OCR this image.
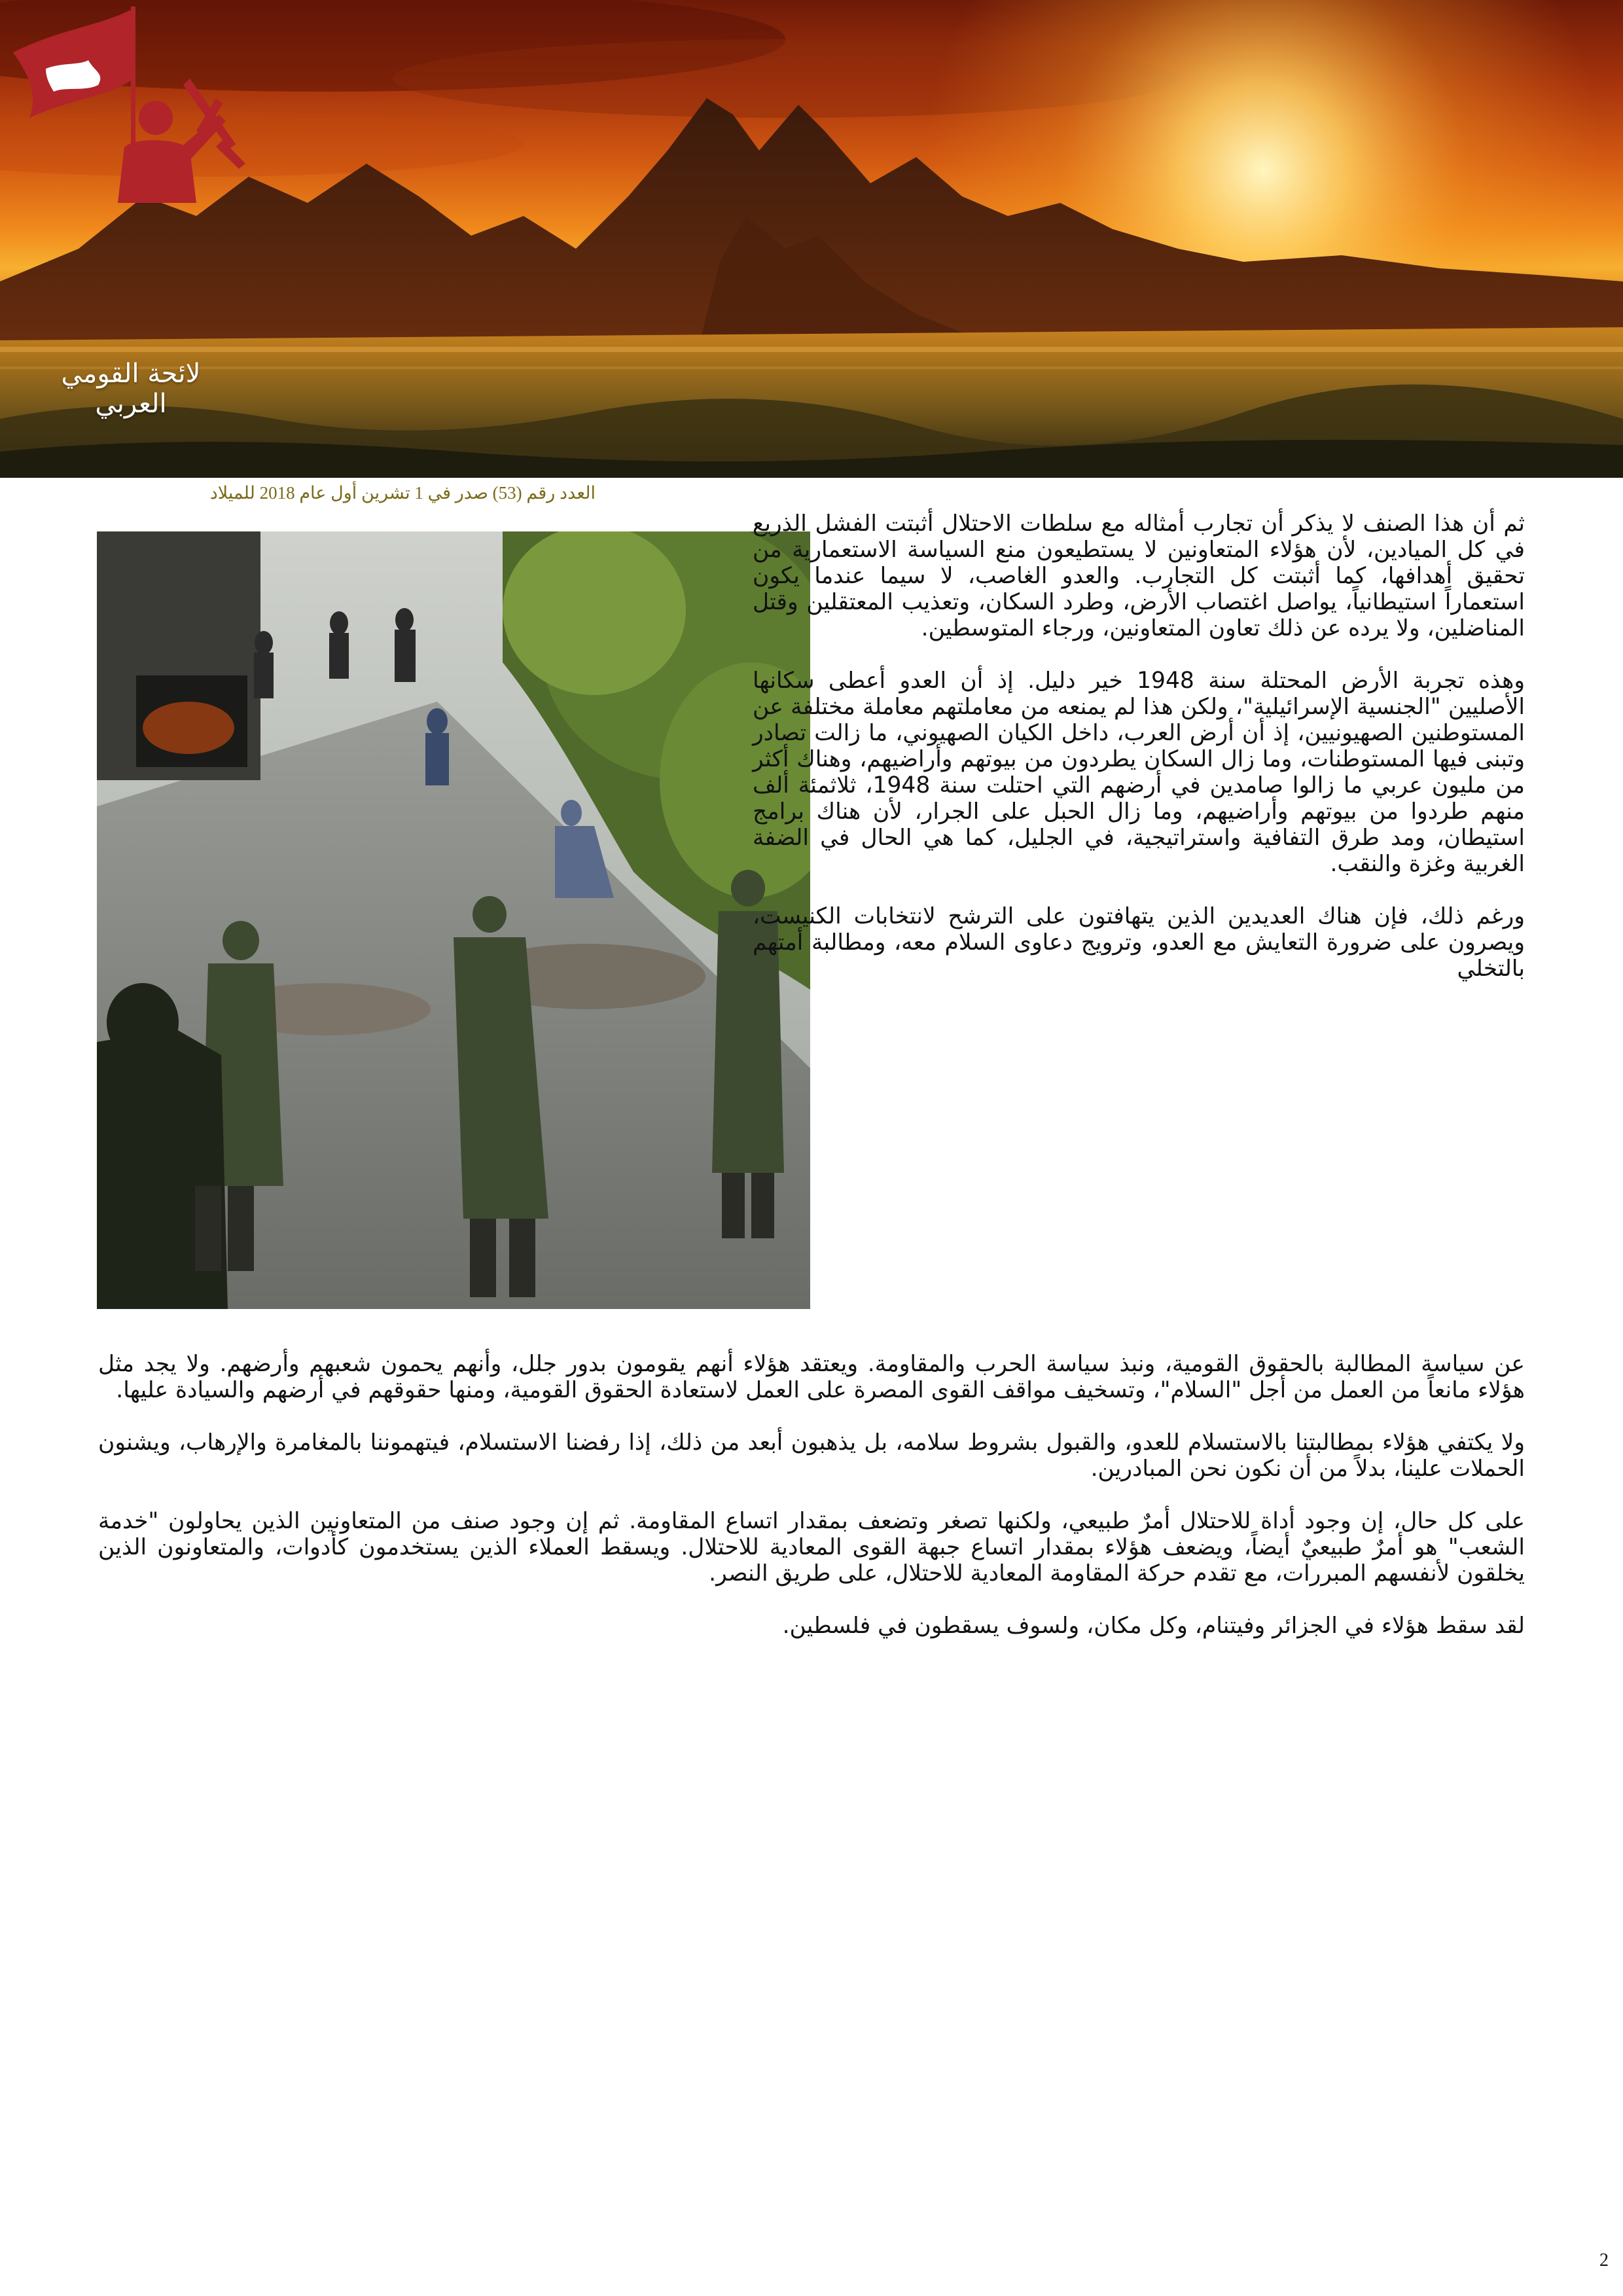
لائحة القومي العربي
العدد رقم (53) صدر في 1 تشرين أول عام 2018 للميلاد

ثم أن هذا الصنف لا يذكر أن تجارب أمثاله مع سلطات الاحتلال أثبتت الفشل الذريع في كل الميادين، لأن هؤلاء المتعاونين لا يستطيعون منع السياسة الاستعمارية من تحقيق أهدافها، كما أثبتت كل التجارب. والعدو الغاصب، لا سيما عندما يكون استعماراً استيطانياً، يواصل اغتصاب الأرض، وطرد السكان، وتعذيب المعتقلين وقتل المناضلين، ولا يرده عن ذلك تعاون المتعاونين، ورجاء المتوسطين.

وهذه تجربة الأرض المحتلة سنة 1948 خير دليل. إذ أن العدو أعطى سكانها الأصليين "الجنسية الإسرائيلية"، ولكن هذا لم يمنعه من معاملتهم معاملة مختلفة عن المستوطنين الصهيونيين، إذ أن أرض العرب، داخل الكيان الصهيوني، ما زالت تصادر وتبنى فيها المستوطنات، وما زال السكان يطردون من بيوتهم وأراضيهم، وهناك أكثر من مليون عربي ما زالوا صامدين في أرضهم التي احتلت سنة 1948، ثلاثمئة ألف منهم طردوا من بيوتهم وأراضيهم، وما زال الحبل على الجرار، لأن هناك برامج استيطان، ومد طرق التفافية واستراتيجية، في الجليل، كما هي الحال في الضفة الغربية وغزة والنقب.

ورغم ذلك، فإن هناك العديدين الذين يتهافتون على الترشح لانتخابات الكنيست، ويصرون على ضرورة التعايش مع العدو، وترويج دعاوى السلام معه، ومطالبة أمتهم بالتخلي

عن سياسة المطالبة بالحقوق القومية، ونبذ سياسة الحرب والمقاومة. ويعتقد هؤلاء أنهم يقومون بدور جلل، وأنهم يحمون شعبهم وأرضهم. ولا يجد مثل هؤلاء مانعاً من العمل من أجل "السلام"، وتسخيف مواقف القوى المصرة على العمل لاستعادة الحقوق القومية، ومنها حقوقهم في أرضهم والسيادة عليها.

ولا يكتفي هؤلاء بمطالبتنا بالاستسلام للعدو، والقبول بشروط سلامه، بل يذهبون أبعد من ذلك، إذا رفضنا الاستسلام، فيتهموننا بالمغامرة والإرهاب، ويشنون الحملات علينا، بدلاً من أن نكون نحن المبادرين.

على كل حال، إن وجود أداة للاحتلال أمرٌ طبيعي، ولكنها تصغر وتضعف بمقدار اتساع المقاومة. ثم إن وجود صنف من المتعاونين الذين يحاولون "خدمة الشعب" هو أمرٌ طبيعيٌ أيضاً، ويضعف هؤلاء بمقدار اتساع جبهة القوى المعادية للاحتلال. ويسقط العملاء الذين يستخدمون كأدوات، والمتعاونون الذين يخلقون لأنفسهم المبررات، مع تقدم حركة المقاومة المعادية للاحتلال، على طريق النصر.

لقد سقط هؤلاء في الجزائر وفيتنام، وكل مكان، ولسوف يسقطون في فلسطين.

2
